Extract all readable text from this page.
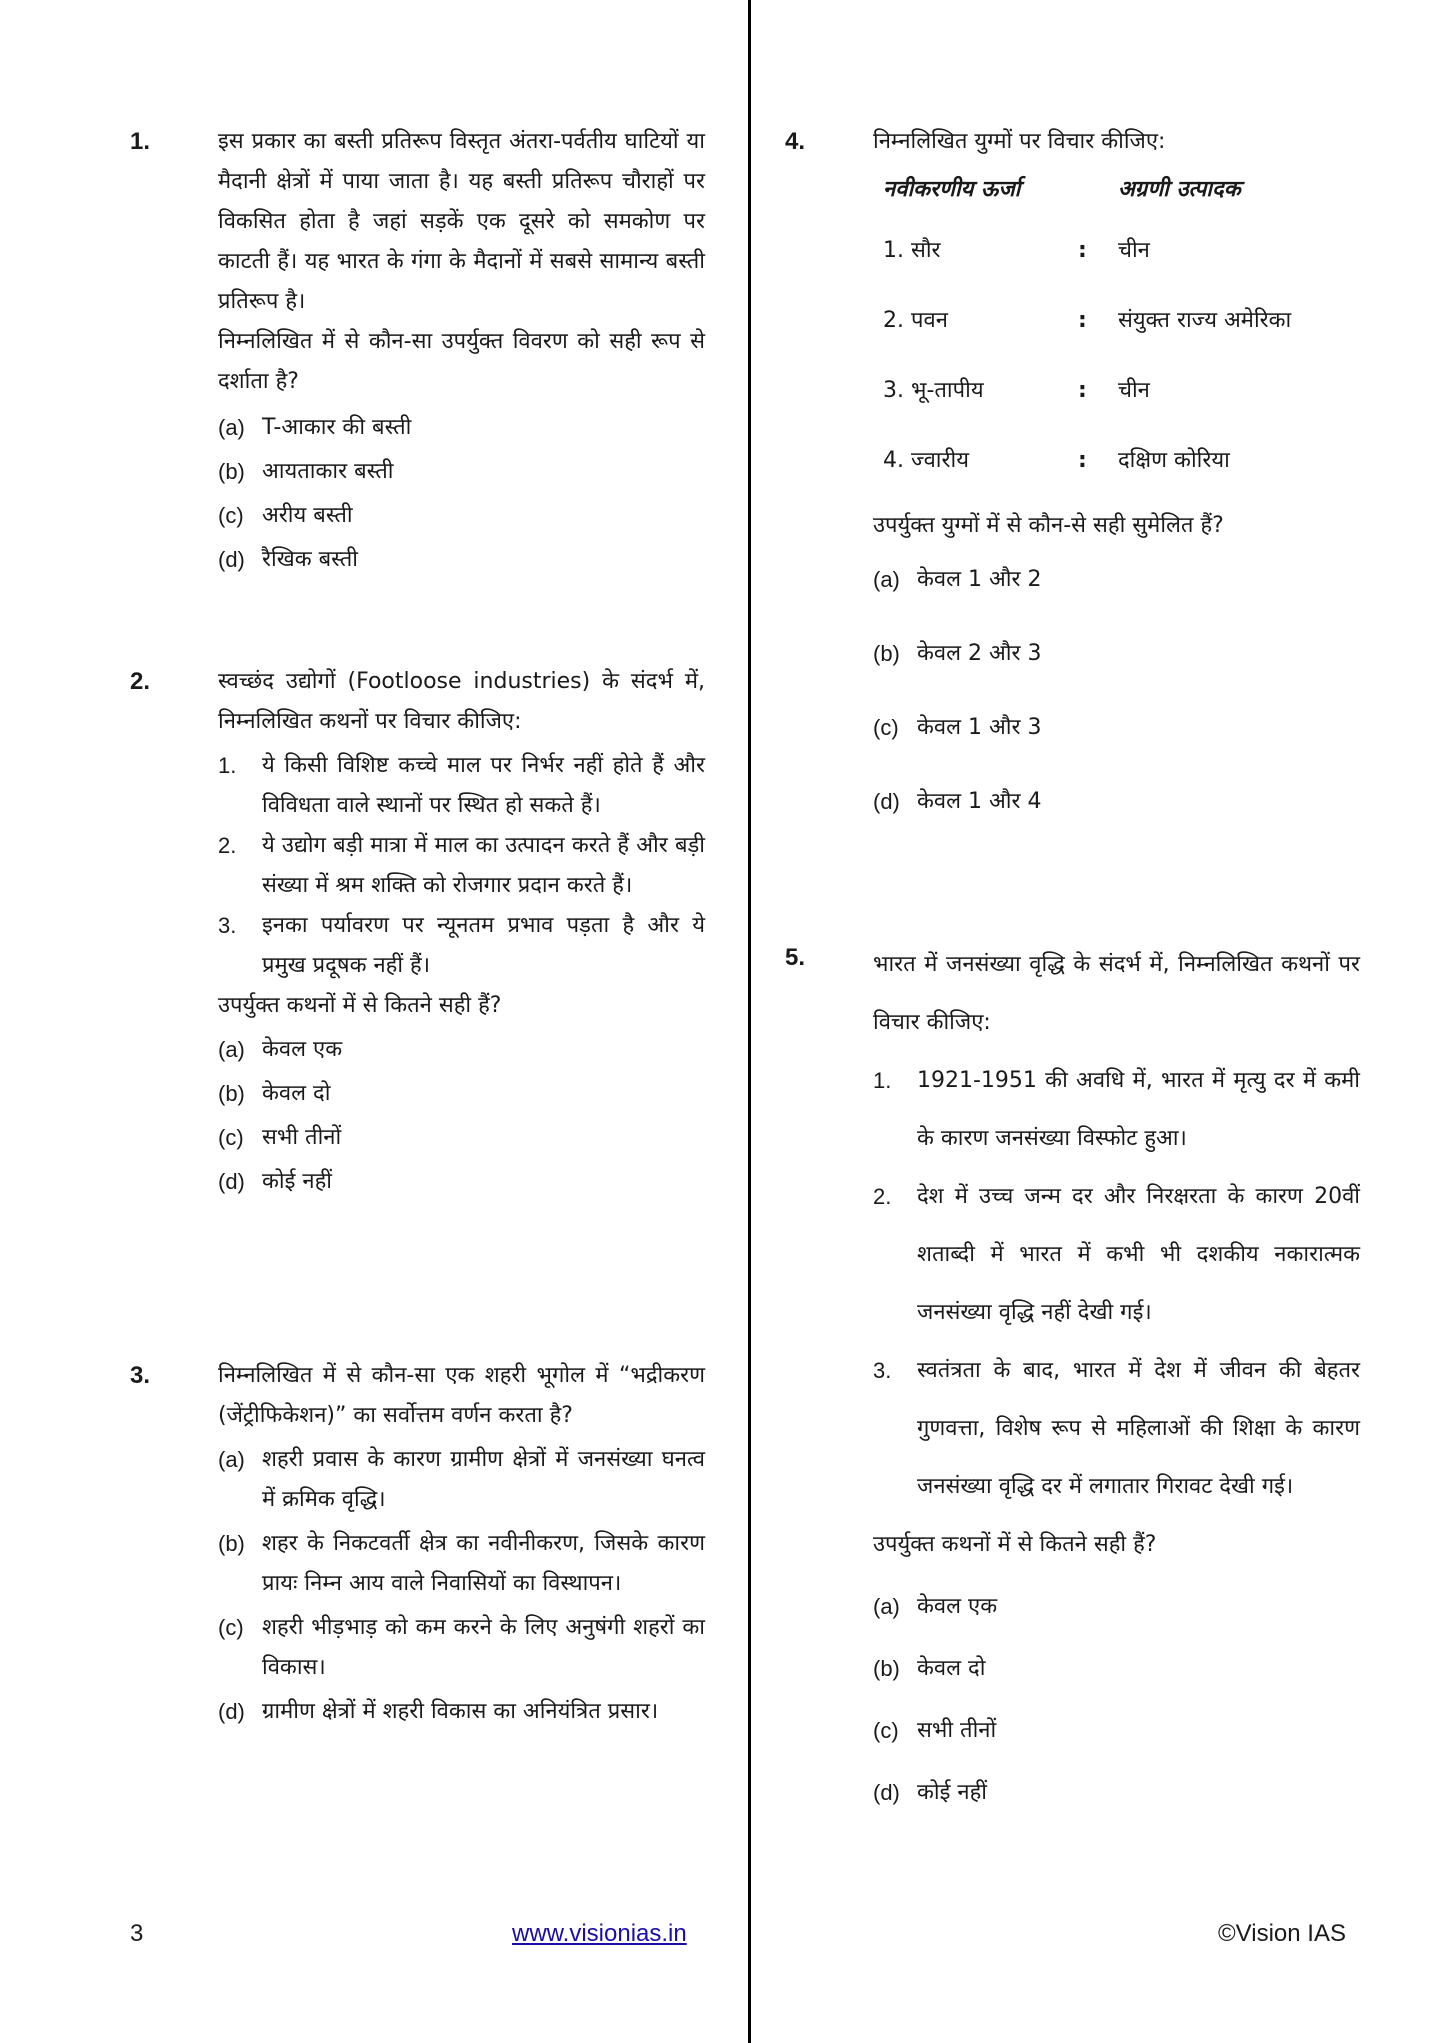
1.	इस प्रकार का बस्ती प्रतिरूप विस्तृत अंतरा-पर्वतीय घाटियों या मैदानी क्षेत्रों में पाया जाता है। यह बस्ती प्रतिरूप चौराहों पर विकसित होता है जहां सड़कें एक दूसरे को समकोण पर काटती हैं। यह भारत के गंगा के मैदानों में सबसे सामान्य बस्ती प्रतिरूप है।
निम्नलिखित में से कौन-सा उपर्युक्त विवरण को सही रूप से दर्शाता है?
(a) T-आकार की बस्ती
(b) आयताकार बस्ती
(c) अरीय बस्ती
(d) रैखिक बस्ती
2.	स्वच्छंद उद्योगों (Footloose industries) के संदर्भ में, निम्नलिखित कथनों पर विचार कीजिए:
1.	ये किसी विशिष्ट कच्चे माल पर निर्भर नहीं होते हैं और विविधता वाले स्थानों पर स्थित हो सकते हैं।
2.	ये उद्योग बड़ी मात्रा में माल का उत्पादन करते हैं और बड़ी संख्या में श्रम शक्ति को रोजगार प्रदान करते हैं।
3.	इनका पर्यावरण पर न्यूनतम प्रभाव पड़ता है और ये प्रमुख प्रदूषक नहीं हैं।
उपर्युक्त कथनों में से कितने सही हैं?
(a) केवल एक
(b) केवल दो
(c) सभी तीनों
(d) कोई नहीं
3.	निम्नलिखित में से कौन-सा एक शहरी भूगोल में “भद्रीकरण (जेंट्रीफिकेशन)” का सर्वोत्तम वर्णन करता है?
(a) शहरी प्रवास के कारण ग्रामीण क्षेत्रों में जनसंख्या घनत्व में क्रमिक वृद्धि।
(b) शहर के निकटवर्ती क्षेत्र का नवीनीकरण, जिसके कारण प्रायः निम्न आय वाले निवासियों का विस्थापन।
(c) शहरी भीड़भाड़ को कम करने के लिए अनुषंगी शहरों का विकास।
(d) ग्रामीण क्षेत्रों में शहरी विकास का अनियंत्रित प्रसार।
4.	निम्नलिखित युग्मों पर विचार कीजिए:
नवीकरणीय ऊर्जा	अग्रणी उत्पादक
1. सौर	:	चीन
2. पवन	:	संयुक्त राज्य अमेरिका
3. भू-तापीय	:	चीन
4. ज्वारीय	:	दक्षिण कोरिया
उपर्युक्त युग्मों में से कौन-से सही सुमेलित हैं?
(a) केवल 1 और 2
(b) केवल 2 और 3
(c) केवल 1 और 3
(d) केवल 1 और 4
5.	भारत में जनसंख्या वृद्धि के संदर्भ में, निम्नलिखित कथनों पर विचार कीजिए:
1.	1921-1951 की अवधि में, भारत में मृत्यु दर में कमी के कारण जनसंख्या विस्फोट हुआ।
2.	देश में उच्च जन्म दर और निरक्षरता के कारण 20वीं शताब्दी में भारत में कभी भी दशकीय नकारात्मक जनसंख्या वृद्धि नहीं देखी गई।
3.	स्वतंत्रता के बाद, भारत में देश में जीवन की बेहतर गुणवत्ता, विशेष रूप से महिलाओं की शिक्षा के कारण जनसंख्या वृद्धि दर में लगातार गिरावट देखी गई।
उपर्युक्त कथनों में से कितने सही हैं?
(a) केवल एक
(b) केवल दो
(c) सभी तीनों
(d) कोई नहीं
3	www.visionias.in	©Vision IAS
